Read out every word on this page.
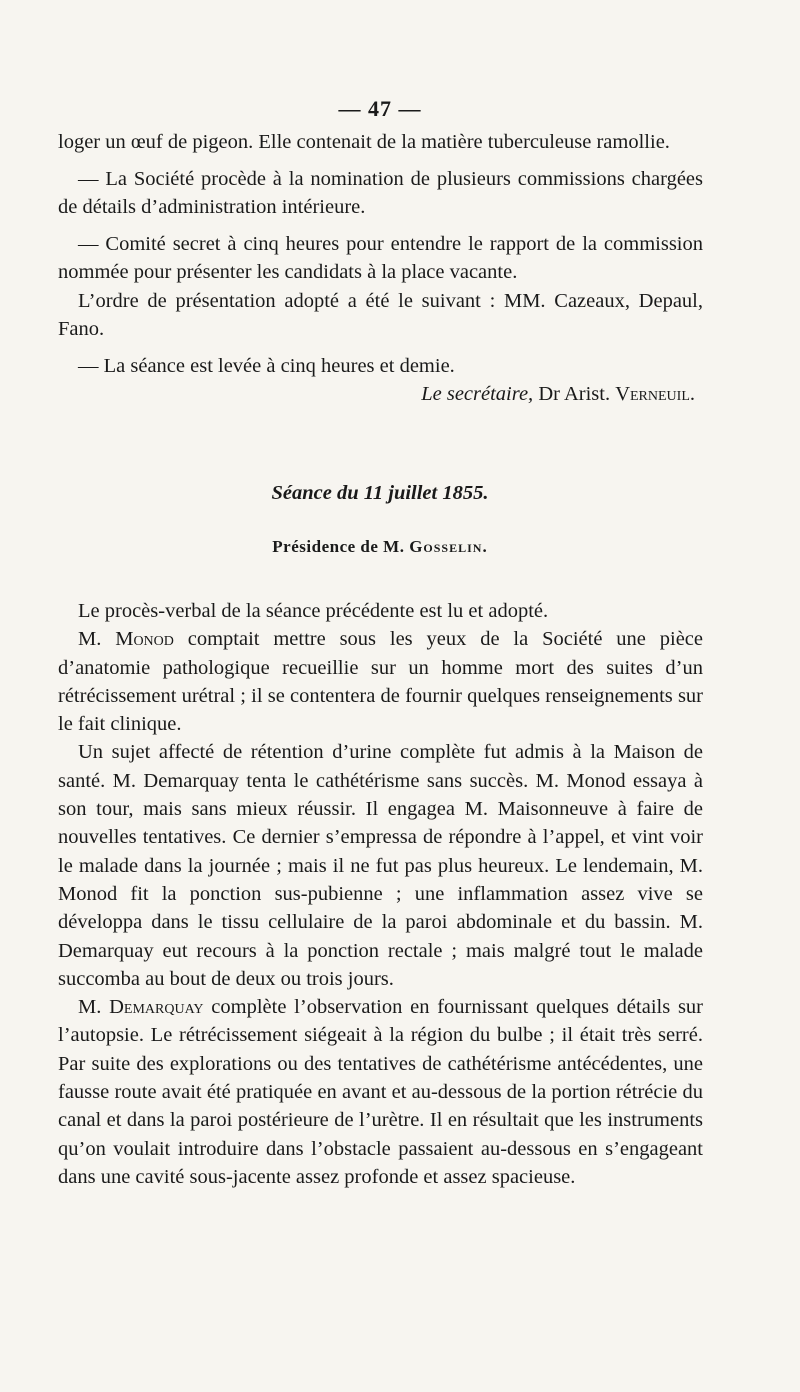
— 47 —

loger un œuf de pigeon. Elle contenait de la matière tuberculeuse ramollie.

— La Société procède à la nomination de plusieurs commissions chargées de détails d’administration intérieure.

— Comité secret à cinq heures pour entendre le rapport de la commission nommée pour présenter les candidats à la place vacante.

L’ordre de présentation adopté a été le suivant : MM. Cazeaux, Depaul, Fano.

— La séance est levée à cinq heures et demie.

Le secrétaire, Dr Arist. Verneuil.

Séance du 11 juillet 1855.
Présidence de M. Gosselin.

Le procès-verbal de la séance précédente est lu et adopté.

M. Monod comptait mettre sous les yeux de la Société une pièce d’anatomie pathologique recueillie sur un homme mort des suites d’un rétrécissement urétral ; il se contentera de fournir quelques renseignements sur le fait clinique.

Un sujet affecté de rétention d’urine complète fut admis à la Maison de santé. M. Demarquay tenta le cathétérisme sans succès. M. Monod essaya à son tour, mais sans mieux réussir. Il engagea M. Maisonneuve à faire de nouvelles tentatives. Ce dernier s’empressa de répondre à l’appel, et vint voir le malade dans la journée ; mais il ne fut pas plus heureux. Le lendemain, M. Monod fit la ponction sus-pubienne ; une inflammation assez vive se développa dans le tissu cellulaire de la paroi abdominale et du bassin. M. Demarquay eut recours à la ponction rectale ; mais malgré tout le malade succomba au bout de deux ou trois jours.

M. Demarquay complète l’observation en fournissant quelques détails sur l’autopsie. Le rétrécissement siégeait à la région du bulbe ; il était très serré. Par suite des explorations ou des tentatives de cathétérisme antécédentes, une fausse route avait été pratiquée en avant et au-dessous de la portion rétrécie du canal et dans la paroi postérieure de l’urètre. Il en résultait que les instruments qu’on voulait introduire dans l’obstacle passaient au-dessous en s’engageant dans une cavité sous-jacente assez profonde et assez spacieuse.
